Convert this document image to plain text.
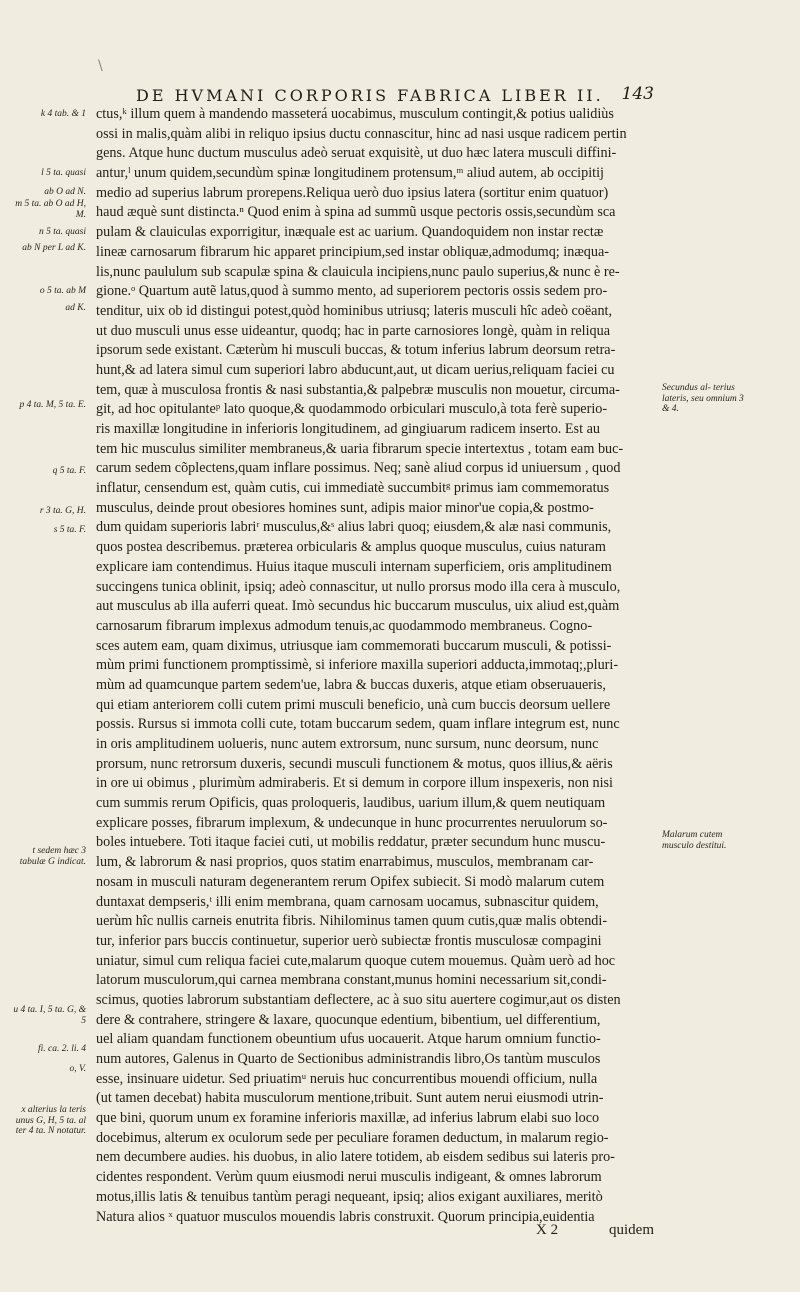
\
DE HVMANI CORPORIS FABRICA LIBER II. 143
ctus,ᵏ illum quem à mandendo masseterá uocabimus, musculum contingit,& potius ualidiùs
ossi in malis,quàm alibi in reliquo ipsius ductu connascitur, hinc ad nasi usque radicem pertin
gens. Atque hunc ductum musculus adeò seruat exquisitè, ut duo hæc latera musculi diffini-
antur,ˡ unum quidem,secundùm spinæ longitudinem protensum,ᵐ aliud autem, ab occipitij
medio ad superius labrum prorepens.Reliqua uerò duo ipsius latera (sortitur enim quatuor)
haud æquè sunt distincta.ⁿ Quod enim à spina ad summũ usque pectoris ossis,secundùm sca
pulam & clauiculas exporrigitur, inæquale est ac uarium. Quandoquidem non instar rectæ
lineæ carnosarum fibrarum hic apparet principium,sed instar obliquæ,admodumq; inæqua-
lis,nunc paululum sub scapulæ spina & clauicula incipiens,nunc paulo superius,& nunc è re-
gione.ᵒ Quartum autẽ latus,quod à summo mento, ad superiorem pectoris ossis sedem pro-
tenditur, uix ob id distingui potest,quòd hominibus utriusq; lateris musculi hîc adeò coëant,
ut duo musculi unus esse uideantur, quodq; hac in parte carnosiores longè, quàm in reliqua
ipsorum sede existant. Cæterùm hi musculi buccas, & totum inferius labrum deorsum retra-
hunt,& ad latera simul cum superiori labro abducunt,aut, ut dicam uerius,reliquam faciei cu
tem, quæ à musculosa frontis & nasi substantia,& palpebræ musculis non mouetur, circuma-
git, ad hoc opitulanteᵖ lato quoque,& quodammodo orbiculari musculo,à tota ferè superio-
ris maxillæ longitudine in inferioris longitudinem, ad gingiuarum radicem inserto. Est au
tem hic musculus similiter membraneus,& uaria fibrarum specie intertextus , totam eam buc-
carum sedem cõplectens,quam inflare possimus. Neq; sanè aliud corpus id uniuersum , quod
inflatur, censendum est, quàm cutis, cui immediatè succumbitᵍ primus iam commemoratus
musculus, deinde prout obesiores homines sunt, adipis maior minor'ue copia,& postmo-
dum quidam superioris labriʳ musculus,&ˢ alius labri quoq; eiusdem,& alæ nasi communis,
quos postea describemus. præterea orbicularis & amplus quoque musculus, cuius naturam
explicare iam contendimus. Huius itaque musculi internam superficiem, oris amplitudinem
succingens tunica oblinit, ipsiq; adeò connascitur, ut nullo prorsus modo illa cera à musculo,
aut musculus ab illa auferri queat. Imò secundus hic buccarum musculus, uix aliud est,quàm
carnosarum fibrarum implexus admodum tenuis,ac quodammodo membraneus. Cogno-
sces autem eam, quam diximus, utriusque iam commemorati buccarum musculi, & potissi-
mùm primi functionem promptissimè, si inferiore maxilla superiori adducta,immotaq;,pluri-
mùm ad quamcunque partem sedem'ue, labra & buccas duxeris, atque etiam obseruaueris,
qui etiam anteriorem colli cutem primi musculi beneficio, unà cum buccis deorsum uellere
possis. Rursus si immota colli cute, totam buccarum sedem, quam inflare integrum est, nunc
in oris amplitudinem uolueris, nunc autem extrorsum, nunc sursum, nunc deorsum, nunc
prorsum, nunc retrorsum duxeris, secundi musculi functionem & motus, quos illius,& aëris
in ore ui obimus , plurimùm admiraberis. Et si demum in corpore illum inspexeris, non nisi
cum summis rerum Opificis, quas proloqueris, laudibus, uarium illum,& quem neutiquam
explicare posses, fibrarum implexum, & undecunque in hunc procurrentes neruulorum so-
boles intuebere. Toti itaque faciei cuti, ut mobilis reddatur, præter secundum hunc muscu-
lum, & labrorum & nasi proprios, quos statim enarrabimus, musculos, membranam car-
nosam in musculi naturam degenerantem rerum Opifex subiecit. Si modò malarum cutem
duntaxat dempseris,ᵗ illi enim membrana, quam carnosam uocamus, subnascitur quidem,
uerùm hîc nullis carneis enutrita fibris. Nihilominus tamen quum cutis,quæ malis obtendi-
tur, inferior pars buccis continuetur, superior uerò subiectæ frontis musculosæ compagini
uniatur, simul cum reliqua faciei cute,malarum quoque cutem mouemus. Quàm uerò ad hoc
latorum musculorum,qui carnea membrana constant,munus homini necessarium sit,condi-
scimus, quoties labrorum substantiam deflectere, ac à suo situ auertere cogimur,aut os disten
dere & contrahere, stringere & laxare, quocunque edentium, bibentium, uel differentium,
uel aliam quandam functionem obeuntium ufus uocauerit. Atque harum omnium functio-
num autores, Galenus in Quarto de Sectionibus administrandis libro,Os tantùm musculos
esse, insinuare uidetur. Sed priuatimᵘ neruis huc concurrentibus mouendi officium, nulla
(ut tamen decebat) habita musculorum mentione,tribuit. Sunt autem nerui eiusmodi utrin-
que bini, quorum unum ex foramine inferioris maxillæ, ad inferius labrum elabi suo loco
docebimus, alterum ex oculorum sede per peculiare foramen deductum, in malarum regio-
nem decumbere audies. his duobus, in alio latere totidem, ab eisdem sedibus sui lateris pro-
cidentes respondent. Verùm quum eiusmodi nerui musculis indigeant, & omnes labrorum
motus,illis latis & tenuibus tantùm peragi nequeant, ipsiq; alios exigant auxiliares, meritò
Natura alios ˣ quatuor musculos mouendis labris construxit. Quorum principia,euidentia
X 2	quidem
k 4 tab. & 1
l 5 ta. quasi
ab O ad N.
m 5 ta. ab O ad H, M.
n 5 ta. quasi
ab N per L ad K.
o 5 ta. ab M
ad K.
p 4 ta. M, 5 ta. E.
q 5 ta. F.
r 3 ta. G, H.
s 5 ta. F.
t sedem hæc 3 tabulæ G indicat.
u 4 ta. I, 5 ta. G, & 5
fi. ca. 2. li. 4
o, V.
x alterius la teris unus G, H, 5 ta. al ter 4 ta. N notatur.
Secundus al- terius lateris, seu omnium 3 & 4.
Malarum cutem musculo destitui.
